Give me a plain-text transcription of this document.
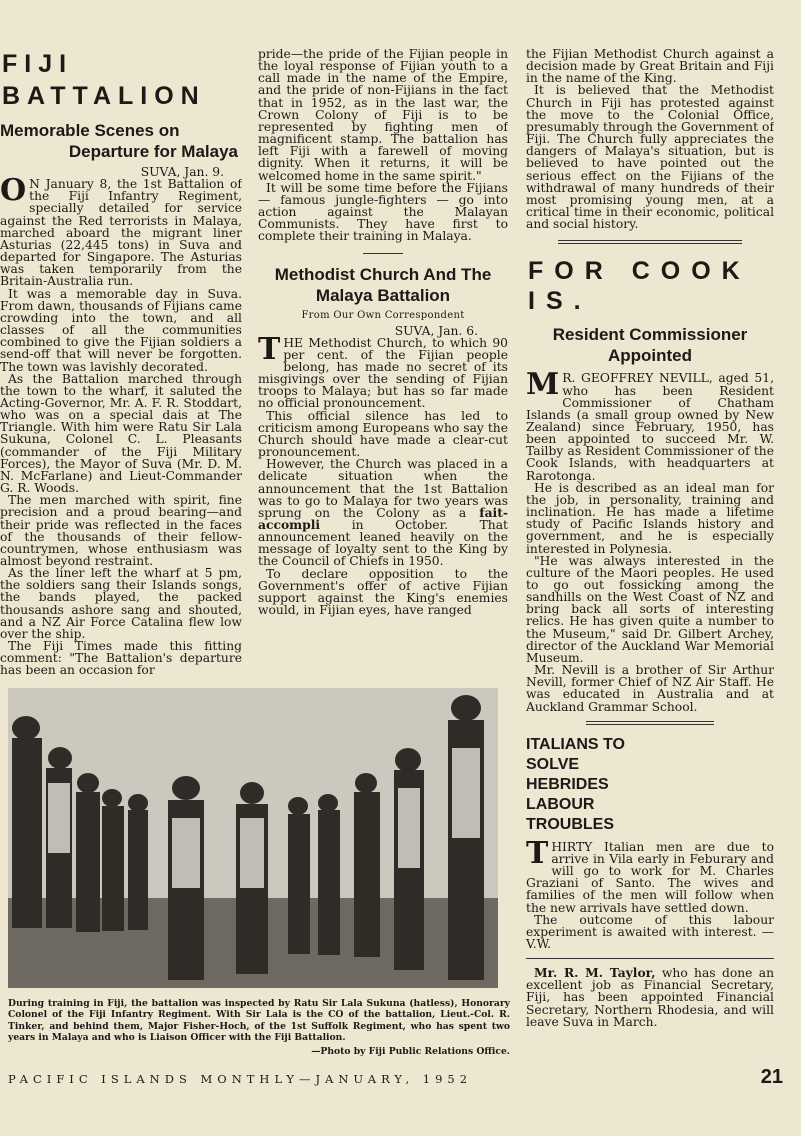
FIJI BATTALION

Memorable Scenes on

Departure for Malaya

SUVA, Jan. 9.

O N January 8, the 1st Battalion of the Fiji Infantry Regiment, specially detailed for service against the Red terrorists in Malaya, marched aboard the migrant liner Asturias (22,445 tons) in Suva and departed for Singapore. The Asturias was taken temporarily from the Britain-Australia run.

It was a memorable day in Suva. From dawn, thousands of Fijians came crowding into the town, and all classes of all the communities combined to give the Fijian soldiers a send-off that will never be forgotten. The town was lavishly decorated.

As the Battalion marched through the town to the wharf, it saluted the Acting-Governor, Mr. A. F. R. Stoddart, who was on a special dais at The Triangle. With him were Ratu Sir Lala Sukuna, Colonel C. L. Pleasants (commander of the Fiji Military Forces), the Mayor of Suva (Mr. D. M. N. McFarlane) and Lieut-Commander G. R. Woods.

The men marched with spirit, fine precision and a proud bearing—and their pride was reflected in the faces of the thousands of their fellow-countrymen, whose enthusiasm was almost beyond restraint.

As the liner left the wharf at 5 pm, the soldiers sang their Islands songs, the bands played, the packed thousands ashore sang and shouted, and a NZ Air Force Catalina flew low over the ship.

The Fiji Times made this fitting comment: "The Battalion's departure has been an occasion for

pride—the pride of the Fijian people in the loyal response of Fijian youth to a call made in the name of the Empire, and the pride of non-Fijians in the fact that in 1952, as in the last war, the Crown Colony of Fiji is to be represented by fighting men of magnificent stamp. The battalion has left Fiji with a farewell of moving dignity. When it returns, it will be welcomed home in the same spirit."

It will be some time before the Fijians — famous jungle-fighters — go into action against the Malayan Communists. They have first to complete their training in Malaya.

Methodist Church And The

Malaya Battalion

From Our Own Correspondent

SUVA, Jan. 6.

THE Methodist Church, to which 90 per cent. of the Fijian people belong, has made no secret of its misgivings over the sending of Fijian troops to Malaya; but has so far made no official pronouncement.

This official silence has led to criticism among Europeans who say the Church should have made a clear-cut pronouncement.

However, the Church was placed in a delicate situation when the announcement that the 1st Battalion was to go to Malaya for two years was sprung on the Colony as a fait-accompli in October. That announcement leaned heavily on the message of loyalty sent to the King by the Council of Chiefs in 1950.

To declare opposition to the Government's offer of active Fijian support against the King's enemies would, in Fijian eyes, have ranged

During training in Fiji, the battalion was inspected by Ratu Sir Lala Sukuna (hatless), Honorary Colonel of the Fiji Infantry Regiment. With Sir Lala is the CO of the battalion, Lieut.-Col. R. Tinker, and behind them, Major Fisher-Hoch, of the 1st Suffolk Regiment, who has spent two years in Malaya and who is Liaison Officer with the Fiji Battalion.

—Photo by Fiji Public Relations Office.

the Fijian Methodist Church against a decision made by Great Britain and Fiji in the name of the King.

It is believed that the Methodist Church in Fiji has protested against the move to the Colonial Office, presumably through the Government of Fiji. The Church fully appreciates the dangers of Malaya's situation, but is believed to have pointed out the serious effect on the Fijians of the withdrawal of many hundreds of their most promising young men, at a critical time in their economic, political and social history.

FOR COOK IS.

Resident Commissioner

Appointed

M R. GEOFFREY NEVILL, aged 51, who has been Resident Commissioner of Chatham Islands (a small group owned by New Zealand) since February, 1950, has been appointed to succeed Mr. W. Tailby as Resident Commissioner of the Cook Islands, with headquarters at Rarotonga.

He is described as an ideal man for the job, in personality, training and inclination. He has made a lifetime study of Pacific Islands history and government, and he is especially interested in Polynesia.

"He was always interested in the culture of the Maori peoples. He used to go out fossicking among the sandhills on the West Coast of NZ and bring back all sorts of interesting relics. He has given quite a number to the Museum," said Dr. Gilbert Archey, director of the Auckland War Memorial Museum.

Mr. Nevill is a brother of Sir Arthur Nevill, former Chief of NZ Air Staff. He was educated in Australia and at Auckland Grammar School.

ITALIANS TO SOLVE HEBRIDES LABOUR TROUBLES

THIRTY Italian men are due to arrive in Vila early in Feburary and will go to work for M. Charles Graziani of Santo. The wives and families of the men will follow when the new arrivals have settled down.

The outcome of this labour experiment is awaited with interest. —V.W.

Mr. R. M. Taylor, who has done an excellent job as Financial Secretary, Fiji, has been appointed Financial Secretary, Northern Rhodesia, and will leave Suva in March.

PACIFIC ISLANDS MONTHLY—JANUARY, 1952	21
